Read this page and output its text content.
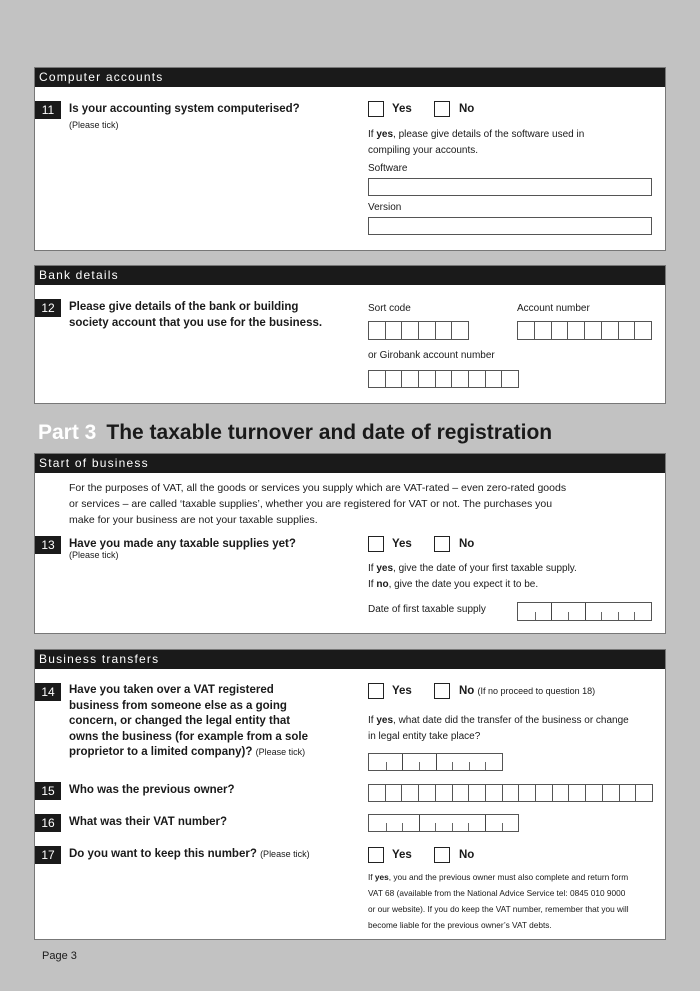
Computer accounts
11	Is your accounting system computerised?
(Please tick)
Yes	No
If yes, please give details of the software used in
compiling your accounts.
Software
Version
Bank details
12	Please give details of the bank or building
society account that you use for the business.
Sort code	Account number
or Girobank account number
Part 3 The taxable turnover and date of registration
Start of business
For the purposes of VAT, all the goods or services you supply which are VAT-rated – even zero-rated goods
or services – are called ‘taxable supplies’, whether you are registered for VAT or not. The purchases you
make for your business are not your taxable supplies.
13	Have you made any taxable supplies yet?
$^{(Please tick)}$
Yes	No
If yes, give the date of your first taxable supply.
If no, give the date you expect it to be.
Date of first taxable supply
Business transfers
14	Have you taken over a VAT registered
business from someone else as a going
concern, or changed the legal entity that
owns the business (for example from a sole
proprietor to a limited company)? (Please tick)
Yes	No (If no proceed to question 18)
If yes, what date did the transfer of the business or change
in legal entity take place?
15	Who was the previous owner?
16	What was their VAT number?
17	Do you want to keep this number? (Please tick)	Yes	No
If yes, you and the previous owner must also complete and return form
VAT 68 (available from the National Advice Service tel: 0845 010 9000
or our website). If you do keep the VAT number, remember that you will
become liable for the previous owner’s VAT debts.
Page 3
